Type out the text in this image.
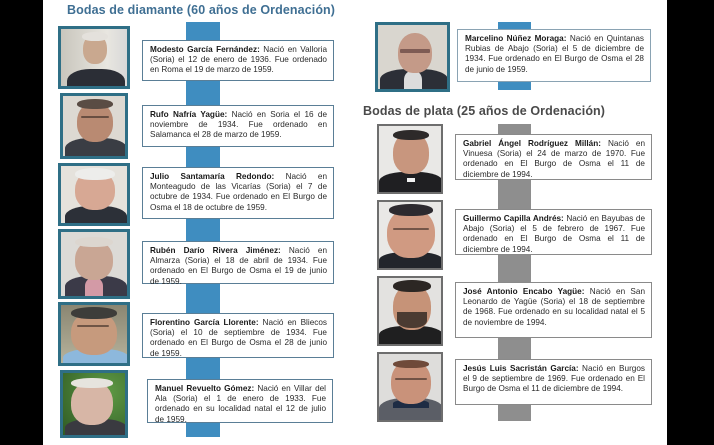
Bodas de diamante (60 años de Ordenación)
Modesto García Fernández: Nació en Valloria (Soria) el 12 de enero de 1936. Fue ordenado en Roma el 19 de marzo de 1959.
Rufo Nafría Yagüe: Nació en Soria el 16 de noviembre de 1934. Fue ordenado en Salamanca el 28 de marzo de 1959.
Julio Santamaría Redondo: Nació en Monteagudo de las Vicarías (Soria) el 7 de octubre de 1934. Fue ordenado en El Burgo de Osma el 18 de octubre de 1959.
Rubén Darío Rivera Jiménez: Nació en Almarza (Soria) el 18 de abril de 1934. Fue ordenado en El Burgo de Osma el 19 de junio de 1959.
Florentino García Llorente: Nació en Bliecos (Soria) el 10 de septiembre de 1934. Fue ordenado en El Burgo de Osma el 28 de junio de 1959.
Manuel Revuelto Gómez: Nació en Villar del Ala (Soria) el 1 de enero de 1933. Fue ordenado en su localidad natal el 12 de julio de 1959.
Marcelino Núñez Moraga: Nació en Quintanas Rubias de Abajo (Soria) el 5 de diciembre de 1934. Fue ordenado en El Burgo de Osma el 28 de junio de 1959.
Bodas de plata (25 años de Ordenación)
Gabriel Ángel Rodríguez Millán: Nació en Vinuesa (Soria) el 24 de marzo de 1970. Fue ordenado en El Burgo de Osma el 11 de diciembre de 1994.
Guillermo Capilla Andrés: Nació en Bayubas de Abajo (Soria) el 5 de febrero de 1967. Fue ordenado en El Burgo de Osma el 11 de diciembre de 1994.
José Antonio Encabo Yagüe: Nació en San Leonardo de Yagüe (Soria) el 18 de septiembre de 1968. Fue ordenado en su localidad natal el 5 de noviembre de 1994.
Jesús Luis Sacristán García: Nació en Burgos el 9 de septiembre de 1969. Fue ordenado en El Burgo de Osma el 11 de diciembre de 1994.
